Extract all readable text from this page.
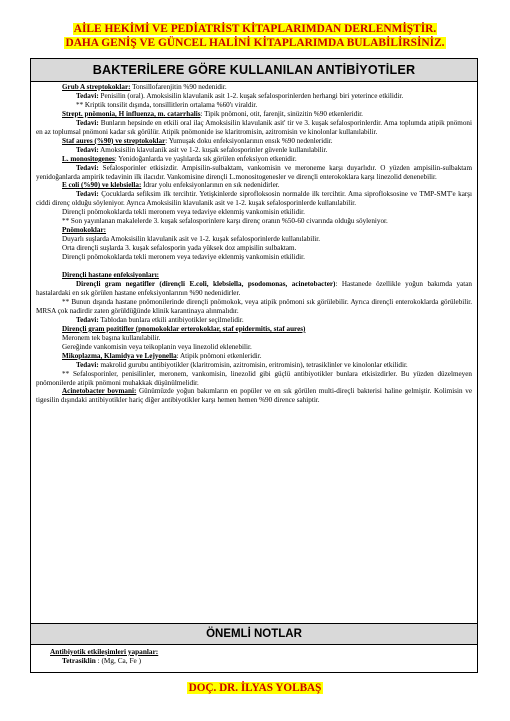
AİLE HEKİMİ VE PEDİATRİST KİTAPLARIMDAN DERLENMİŞTİR.
DAHA GENİŞ VE GÜNCEL HALİNİ KİTAPLARIMDA BULABİLİRSİNİZ.
BAKTERİLERE GÖRE KULLANILAN ANTİBİYOTİLER

Grub A streptokoklar: Tonsillofarenjitin %90 nedenidir.

Tedavi: Penisilin (oral). Amoksisilin klavulanik asit 1-2. kuşak sefalosporinlerden herhangi biri yeterince etkilidir.

** Kriptik tonsilit dışında, tonsillitlerin ortalama %60'ı viraldir.

Strept. pnömonia, H influenza, m. catarrhalis: Tipik pnömoni, otit, farenjit, sinüzitin %90 etkenleridir.

Tedavi: Bunların hepsinde en etkili oral ilaç Amoksisilin klavulanik asit' tir ve 3. kuşak sefalosporinlerdir. Ama toplumda atipik pnömoni en az toplumsal pnömoni kadar sık görülür. Atipik pnömonide ise klaritromisin, azitromisin ve kinolonlar kullanılabilir.

Staf aures (%90) ve streptokoklar: Yumuşak doku enfeksiyonlarının ensık %90 nedenleridir.

Tedavi: Amoksisilin klavulanik asit ve 1-2. kuşak sefalosporinler güvenle kullanılabilir.

L. monositogenes: Yenidoğanlarda ve yaşlılarda sık görülen enfeksiyon etkenidir.

Tedavi: Sefalosporinler etkisizdir. Ampisilin-sulbaktam, vankomisin ve meroneme karşı duyarlıdır. O yüzden ampisilin-sulbaktam yenidoğanlarda ampirik tedavinin ilk ilacıdır. Vankomisine dirençli L.monositogenesler ve dirençli enterokoklara karşı linezolid denenebilir.

E coli (%90) ve klebsiella: İdrar yolu enfeksiyonlarının en sık nedenidirler.

Tedavi: Çocuklarda sefiksim ilk tercihtir. Yetişkinlerde siprofloksosin normalde ilk tercihtir. Ama siprofloksosine ve TMP-SMT'e karşı ciddi direnç olduğu söyleniyor. Ayrıca Amoksisilin klavulanik asit ve 1-2. kuşak sefalosporinlerde kullanılabilir.

Dirençli pnömokoklarda tekli meronem veya tedaviye eklenmiş vankomisin etkilidir.

** Son yayınlanan makalelerde 3. kuşak sefalosporinlere karşı direnç oranın %50-60 civarında olduğu söyleniyor.

Pnömokoklar:

Duyarlı suşlarda Amoksisilin klavulanik asit ve 1-2. kuşak sefalosporinlerde kullanılabilir.

Orta dirençli suşlarda 3. kuşak sefalosporin yada yüksek doz ampisilin sulbaktam.

Dirençli pnömokoklarda tekli meronem veya tedaviye eklenmiş vankomisin etkilidir.

Dirençli hastane enfeksiyonları:

Dirençli gram negatifler (dirençli E.coli, klebsiella, psodomonas, acinetobacter): Hastanede özellikle yoğun bakımda yatan hastalardaki en sık görülen hastane enfeksiyonlarının %90 nedenidirler.

** Bunun dışında hastane pnömonilerinde dirençli pnömokok, veya atipik pnömoni sık görülebilir. Ayrıca dirençli enterokoklarda görülebilir. MRSA çok nadirdir zaten görüldüğünde klinik karantinaya alınmalıdır.

Tedavi: Tablodan bunlara etkili antibiyotikler seçilmelidir.

Dirençli gram pozitifler (pnomokoklar erterokoklar, staf epidermitis, staf aures)

Meronem tek başına kullanılabilir.

Gereğinde vankomisin veya teikoplanin veya linezolid eklenebilir.

Mikoplazma, Klamidya ve Lejyonella: Atipik pnömoni etkenleridir.

Tedavi: makrolid gurubu antibiyotikler (klaritromisin, azitromisin, eritromisin), tetrasiklinler ve kinolonlar etkilidir.

** Sefalosporinler, penisilinler, meronem, vankomisin, linezolid gibi güçlü antibiyotikler bunlara etkisizdirler. Bu yüzden düzelmeyen pnömonilerde atipik pnömoni muhakkak düşünülmelidir.

Acinetobacter bovmani: Günümüzde yoğun bakımların en popüler ve en sık görülen multi-direçli bakterisi haline gelmiştir. Kolimisin ve tigesilin dışındaki antibiyotikler hariç diğer antibiyotikler karşı hemen hemen %90 dirence sahiptir.

ÖNEMLİ NOTLAR

Antibiyotik etkileşimleri yapanlar:

Tetrasiklin : (Mg, Ca, Fe )

DOÇ. DR. İLYAS YOLBAŞ
